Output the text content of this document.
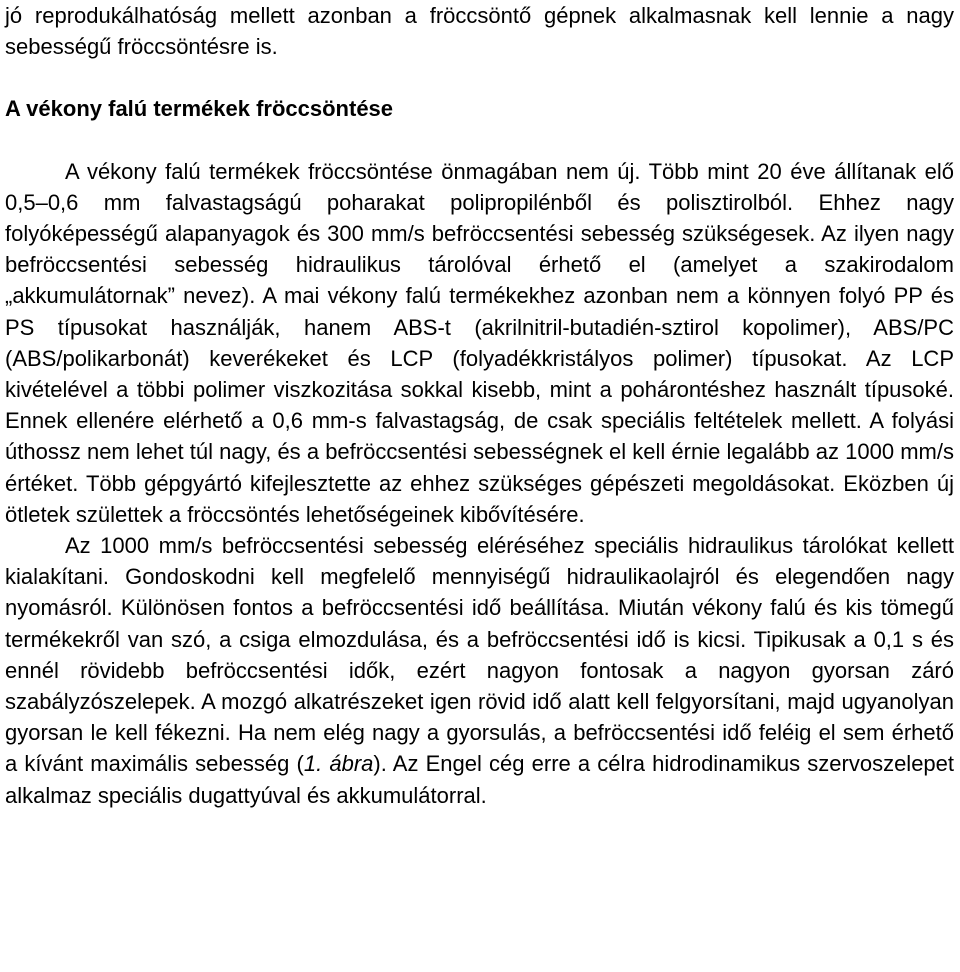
jó reprodukálhatóság mellett azonban a fröccsöntő gépnek alkalmasnak kell lennie a nagy sebességű fröccsöntésre is.

A vékony falú termékek fröccsöntése

A vékony falú termékek fröccsöntése önmagában nem új. Több mint 20 éve állítanak elő 0,5–0,6 mm falvastagságú poharakat polipropilénből és polisztirolból. Ehhez nagy folyóképességű alapanyagok és 300 mm/s befröccsentési sebesség szükségesek. Az ilyen nagy befröccsentési sebesség hidraulikus tárolóval érhető el (amelyet a szakirodalom „akkumulátornak” nevez). A mai vékony falú termékekhez azonban nem a könnyen folyó PP és PS típusokat használják, hanem ABS-t (akrilnitril-butadién-sztirol kopolimer), ABS/PC (ABS/polikarbonát) keverékeket és LCP (folyadékkristályos polimer) típusokat. Az LCP kivételével a többi polimer viszkozitása sokkal kisebb, mint a pohárontéshez használt típusoké. Ennek ellenére elérhető a 0,6 mm-s falvastagság, de csak speciális feltételek mellett. A folyási úthossz nem lehet túl nagy, és a befröccsentési sebességnek el kell érnie legalább az 1000 mm/s értéket. Több gépgyártó kifejlesztette az ehhez szükséges gépészeti megoldásokat. Eközben új ötletek születtek a fröccsöntés lehetőségeinek kibővítésére.

Az 1000 mm/s befröccsentési sebesség eléréséhez speciális hidraulikus tárolókat kellett kialakítani. Gondoskodni kell megfelelő mennyiségű hidraulikaolajról és elegendően nagy nyomásról. Különösen fontos a befröccsentési idő beállítása. Miután vékony falú és kis tömegű termékekről van szó, a csiga elmozdulása, és a befröccsentési idő is kicsi. Tipikusak a 0,1 s és ennél rövidebb befröccsentési idők, ezért nagyon fontosak a nagyon gyorsan záró szabályzószelepek. A mozgó alkatrészeket igen rövid idő alatt kell felgyorsítani, majd ugyanolyan gyorsan le kell fékezni. Ha nem elég nagy a gyorsulás, a befröccsentési idő feléig el sem érhető a kívánt maximális sebesség (1. ábra). Az Engel cég erre a célra hidrodinamikus szervoszelepet alkalmaz speciális dugattyúval és akkumulátorral.
